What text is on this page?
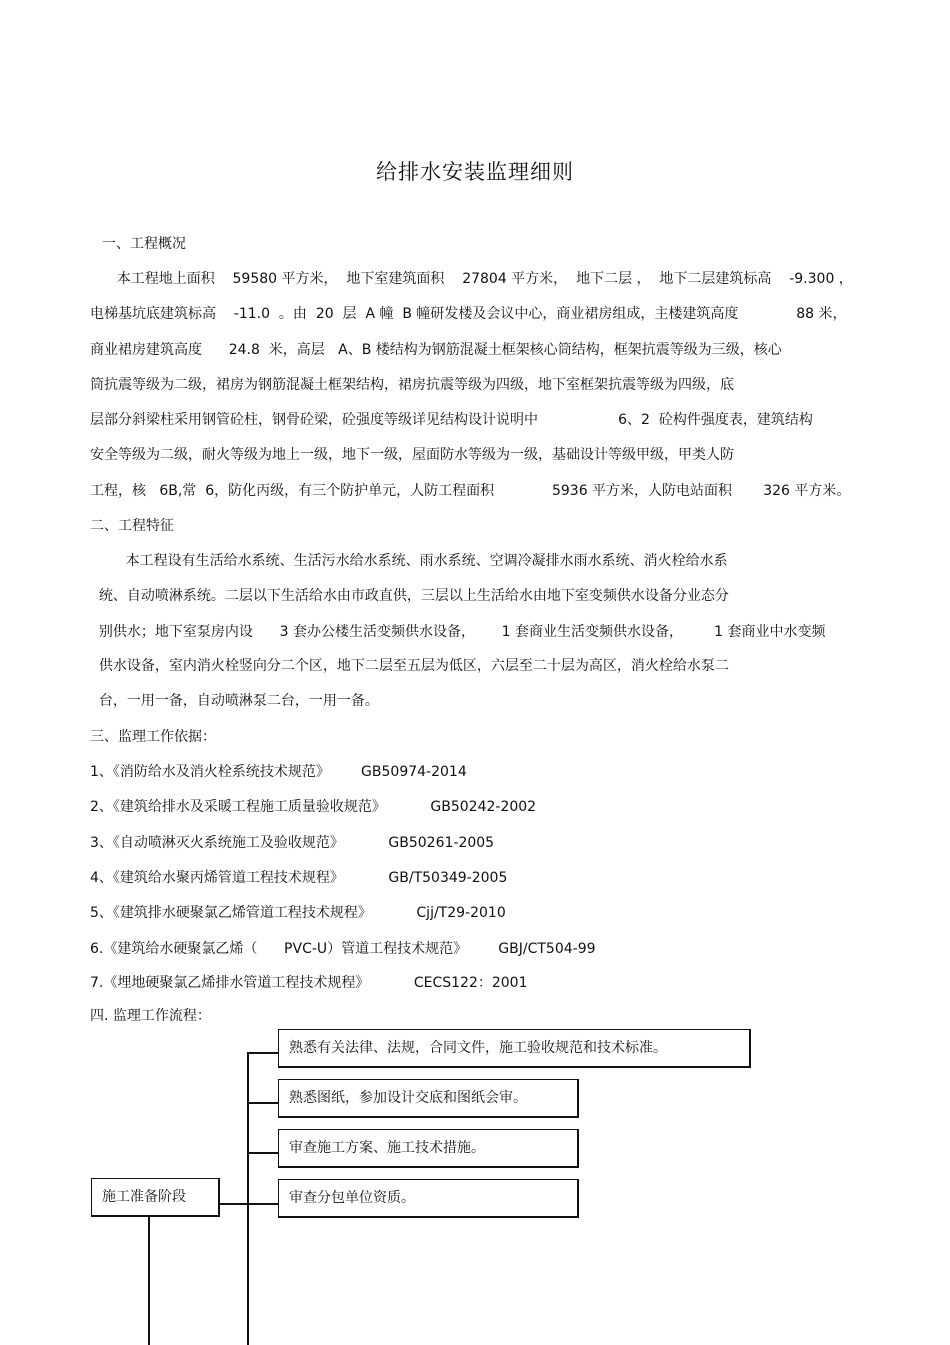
给排水安装监理细则
一、工程概况
本工程地上面积    59580 平方米，  地下室建筑面积    27804 平方米，  地下二层 ，  地下二层建筑标高    -9.300 ，
电梯基坑底建筑标高    -11.0  。由  20  层  A 幢  B 幢研发楼及会议中心，商业裙房组成，主楼建筑高度             88 米，
商业裙房建筑高度      24.8  米，高层   A、B 楼结构为钢筋混凝土框架核心筒结构，框架抗震等级为三级，核心
筒抗震等级为二级，裙房为钢筋混凝土框架结构，裙房抗震等级为四级，地下室框架抗震等级为四级，底
层部分斜梁柱采用钢管砼柱，钢骨砼梁，砼强度等级详见结构设计说明中                  6、2  砼构件强度表，建筑结构
安全等级为二级，耐火等级为地上一级，地下一级，屋面防水等级为一级，基础设计等级甲级，甲类人防
工程，核   6B,常  6，防化丙级，有三个防护单元，人防工程面积             5936 平方米，人防电站面积       326 平方米。
二、工程特征
本工程设有生活给水系统、生活污水给水系统、雨水系统、空调冷凝排水雨水系统、消火栓给水系
统、自动喷淋系统。二层以下生活给水由市政直供，三层以上生活给水由地下室变频供水设备分业态分
别供水；地下室泵房内设      3 套办公楼生活变频供水设备，      1 套商业生活变频供水设备，       1 套商业中水变频
供水设备，室内消火栓竖向分二个区，地下二层至五层为低区，六层至二十层为高区，消火栓给水泵二
台，一用一备，自动喷淋泵二台，一用一备。
三、监理工作依据：
1、《消防给水及消火栓系统技术规范》       GB50974-2014
2、《建筑给排水及采暖工程施工质量验收规范》          GB50242-2002
3、《自动喷淋灭火系统施工及验收规范》          GB50261-2005
4、《建筑给水聚丙烯管道工程技术规程》          GB/T50349-2005
5、《建筑排水硬聚氯乙烯管道工程技术规程》          Cjj/T29-2010
6.《建筑给水硬聚氯乙烯（      PVC-U）管道工程技术规范》       GBJ/CT504-99
7.《埋地硬聚氯乙烯排水管道工程技术规程》          CECS122：2001
四. 监理工作流程：
施工准备阶段
熟悉有关法律、法规，合同文件，施工验收规范和技术标准。
熟悉图纸，参加设计交底和图纸会审。
审查施工方案、施工技术措施。
审查分包单位资质。
